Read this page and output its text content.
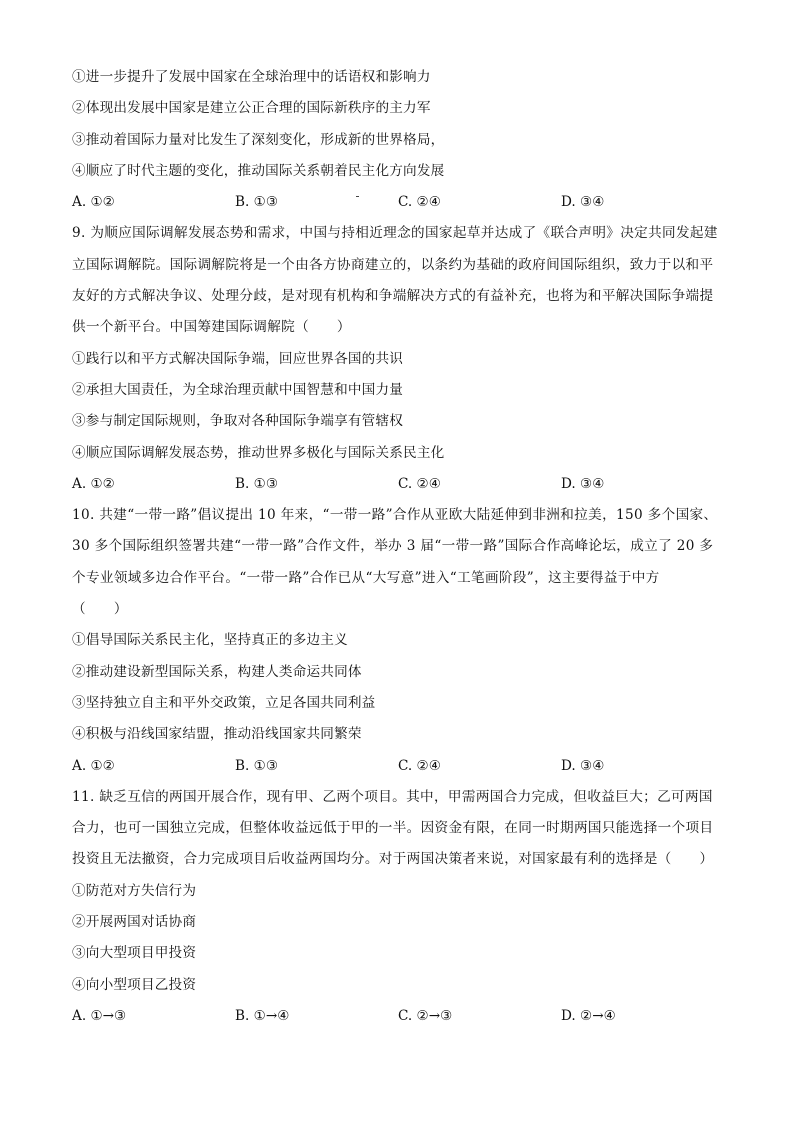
①进一步提升了发展中国家在全球治理中的话语权和影响力
②体现出发展中国家是建立公正合理的国际新秩序的主力军
③推动着国际力量对比发生了深刻变化，形成新的世界格局，
④顺应了时代主题的变化，推动国际关系朝着民主化方向发展
A. ①②	B. ①③	C. ②④	D. ③④
9. 为顺应国际调解发展态势和需求，中国与持相近理念的国家起草并达成了《联合声明》决定共同发起建
立国际调解院。国际调解院将是一个由各方协商建立的，以条约为基础的政府间国际组织，致力于以和平
友好的方式解决争议、处理分歧，是对现有机构和争端解决方式的有益补充，也将为和平解决国际争端提
供一个新平台。中国筹建国际调解院（　　）
①践行以和平方式解决国际争端，回应世界各国的共识
②承担大国责任，为全球治理贡献中国智慧和中国力量
③参与制定国际规则，争取对各种国际争端享有管辖权
④顺应国际调解发展态势，推动世界多极化与国际关系民主化
A. ①②	B. ①③	C. ②④	D. ③④
10. 共建“一带一路”倡议提出 10 年来，“一带一路”合作从亚欧大陆延伸到非洲和拉美，150 多个国家、
30 多个国际组织签署共建“一带一路”合作文件，举办 3 届“一带一路”国际合作高峰论坛，成立了 20 多
个专业领域多边合作平台。“一带一路”合作已从“大写意”进入“工笔画阶段”，这主要得益于中方
（　　）
①倡导国际关系民主化，坚持真正的多边主义
②推动建设新型国际关系，构建人类命运共同体
③坚持独立自主和平外交政策，立足各国共同利益
④积极与沿线国家结盟，推动沿线国家共同繁荣
A. ①②	B. ①③	C. ②④	D. ③④
11. 缺乏互信的两国开展合作，现有甲、乙两个项目。其中，甲需两国合力完成，但收益巨大；乙可两国
合力，也可一国独立完成，但整体收益远低于甲的一半。因资金有限，在同一时期两国只能选择一个项目
投资且无法撤资，合力完成项目后收益两国均分。对于两国决策者来说，对国家最有利的选择是（　　）
①防范对方失信行为
②开展两国对话协商
③向大型项目甲投资
④向小型项目乙投资
A. ①→③	B. ①→④	C. ②→③	D. ②→④
